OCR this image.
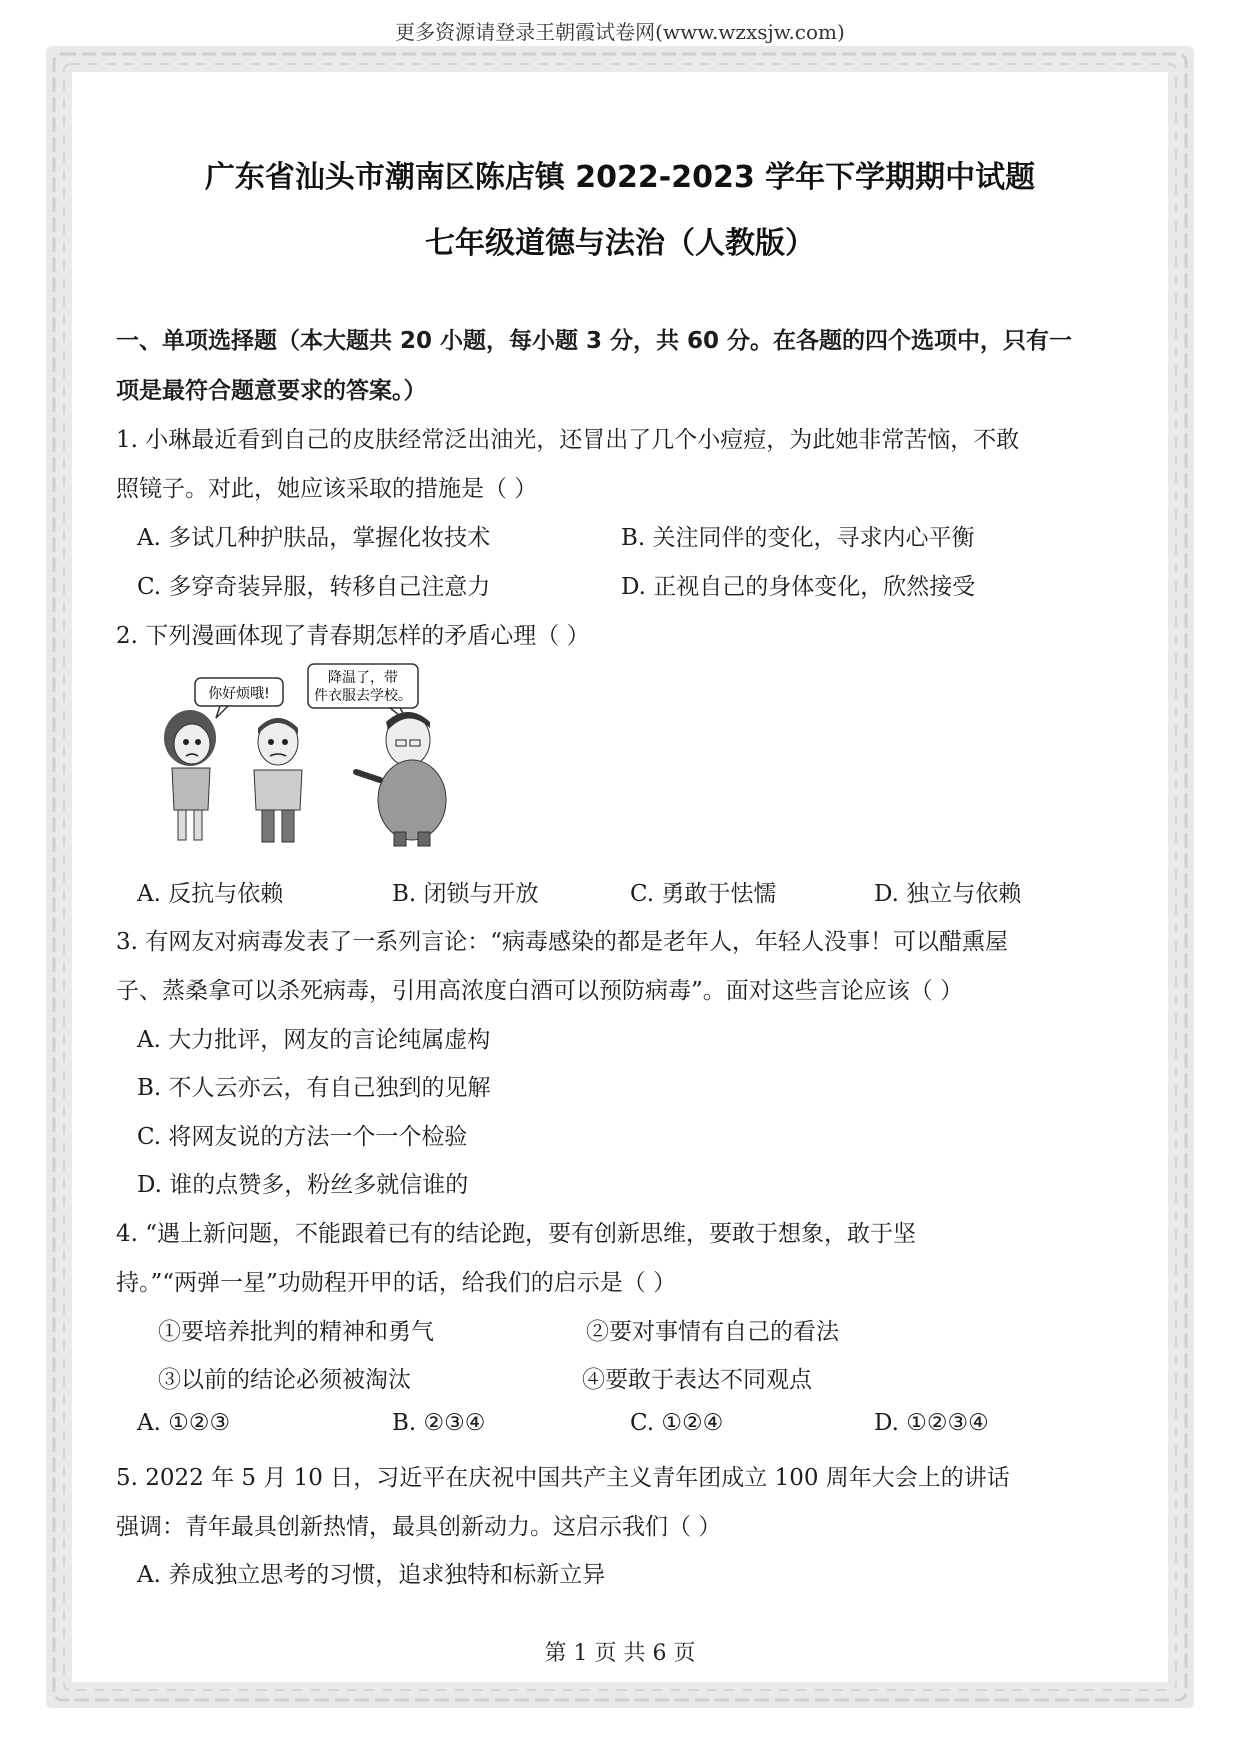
更多资源请登录王朝霞试卷网(www.wzxsjw.com)
广东省汕头市潮南区陈店镇 2022-2023 学年下学期期中试题
七年级道德与法治（人教版）
一、单项选择题（本大题共 20 小题，每小题 3 分，共 60 分。在各题的四个选项中，只有一
项是最符合题意要求的答案。）
1. 小琳最近看到自己的皮肤经常泛出油光，还冒出了几个小痘痘，为此她非常苦恼，不敢
照镜子。对此，她应该采取的措施是（ ）
A. 多试几种护肤品，掌握化妆技术	B. 关注同伴的变化，寻求内心平衡
C. 多穿奇装异服，转移自己注意力	D. 正视自己的身体变化，欣然接受
2. 下列漫画体现了青春期怎样的矛盾心理（ ）
你好烦哦!
降温了，带
件衣服去学校。
A. 反抗与依赖	B. 闭锁与开放	C. 勇敢于怯懦	D. 独立与依赖
3. 有网友对病毒发表了一系列言论：“病毒感染的都是老年人，年轻人没事！可以醋熏屋
子、蒸桑拿可以杀死病毒，引用高浓度白酒可以预防病毒”。面对这些言论应该（ ）
A. 大力批评，网友的言论纯属虚构
B. 不人云亦云，有自己独到的见解
C. 将网友说的方法一个一个检验
D. 谁的点赞多，粉丝多就信谁的
4. “遇上新问题，不能跟着已有的结论跑，要有创新思维，要敢于想象，敢于坚
持。”“两弹一星”功勋程开甲的话，给我们的启示是（ ）
①要培养批判的精神和勇气	②要对事情有自己的看法
③以前的结论必须被淘汰	④要敢于表达不同观点
A. ①②③	B. ②③④	C. ①②④	D. ①②③④
5. 2022 年 5 月 10 日，习近平在庆祝中国共产主义青年团成立 100 周年大会上的讲话
强调：青年最具创新热情，最具创新动力。这启示我们（ ）
A. 养成独立思考的习惯，追求独特和标新立异
第 1 页 共 6 页
